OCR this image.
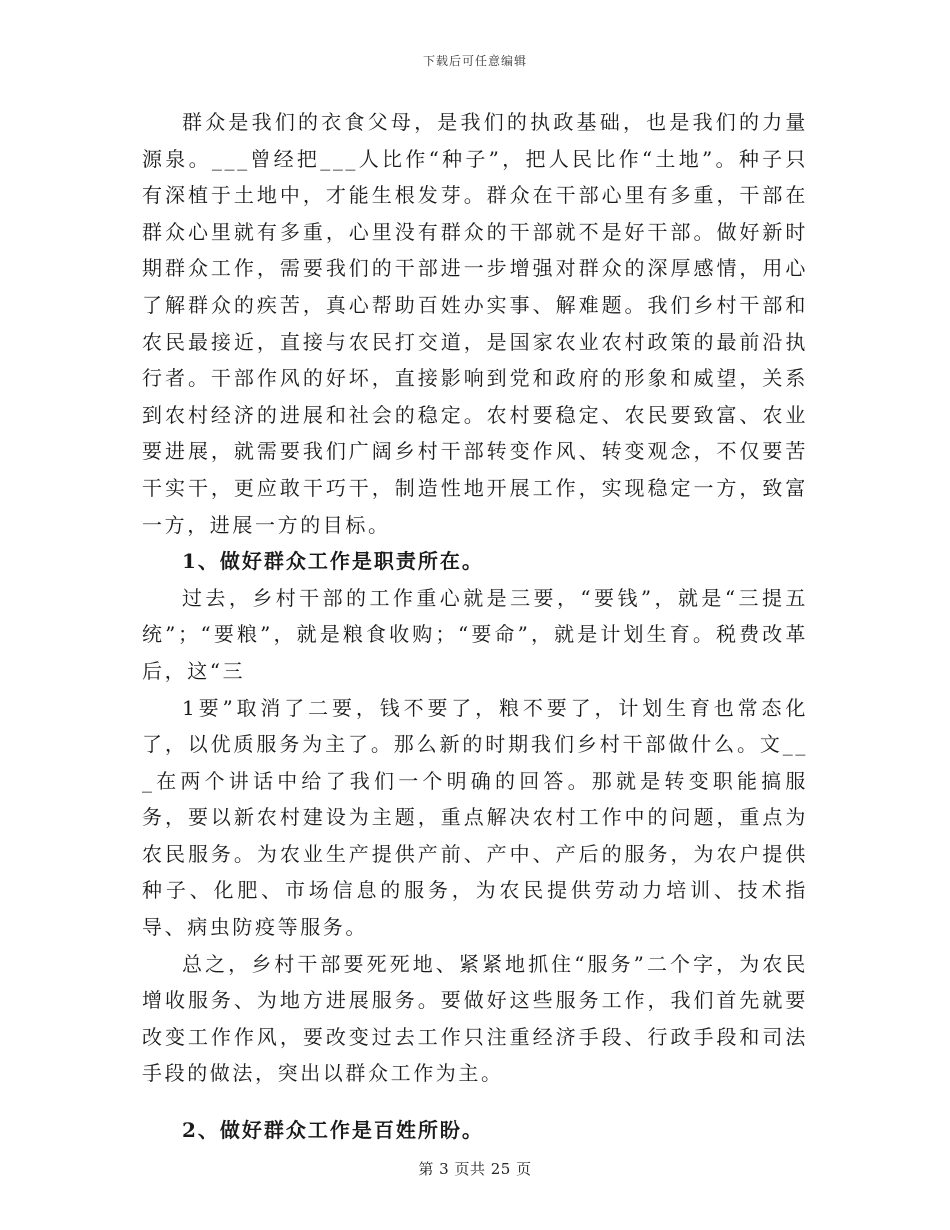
下载后可任意编辑

群众是我们的衣食父母，是我们的执政基础，也是我们的力量源泉。___曾经把___人比作“种子”，把人民比作“土地”。种子只有深植于土地中，才能生根发芽。群众在干部心里有多重，干部在群众心里就有多重，心里没有群众的干部就不是好干部。做好新时期群众工作，需要我们的干部进一步增强对群众的深厚感情，用心了解群众的疾苦，真心帮助百姓办实事、解难题。我们乡村干部和农民最接近，直接与农民打交道，是国家农业农村政策的最前沿执行者。干部作风的好坏，直接影响到党和政府的形象和威望，关系到农村经济的进展和社会的稳定。农村要稳定、农民要致富、农业要进展，就需要我们广阔乡村干部转变作风、转变观念，不仅要苦干实干，更应敢干巧干，制造性地开展工作，实现稳定一方，致富一方，进展一方的目标。

1、做好群众工作是职责所在。

过去，乡村干部的工作重心就是三要，“要钱”，就是“三提五统”；“要粮”，就是粮食收购；“要命”，就是计划生育。税费改革后，这“三

1要”取消了二要，钱不要了，粮不要了，计划生育也常态化了，以优质服务为主了。那么新的时期我们乡村干部做什么。文___在两个讲话中给了我们一个明确的回答。那就是转变职能搞服务，要以新农村建设为主题，重点解决农村工作中的问题，重点为农民服务。为农业生产提供产前、产中、产后的服务，为农户提供种子、化肥、市场信息的服务，为农民提供劳动力培训、技术指导、病虫防疫等服务。

总之，乡村干部要死死地、紧紧地抓住“服务”二个字，为农民增收服务、为地方进展服务。要做好这些服务工作，我们首先就要改变工作作风，要改变过去工作只注重经济手段、行政手段和司法手段的做法，突出以群众工作为主。

2、做好群众工作是百姓所盼。

第 3 页共 25 页
